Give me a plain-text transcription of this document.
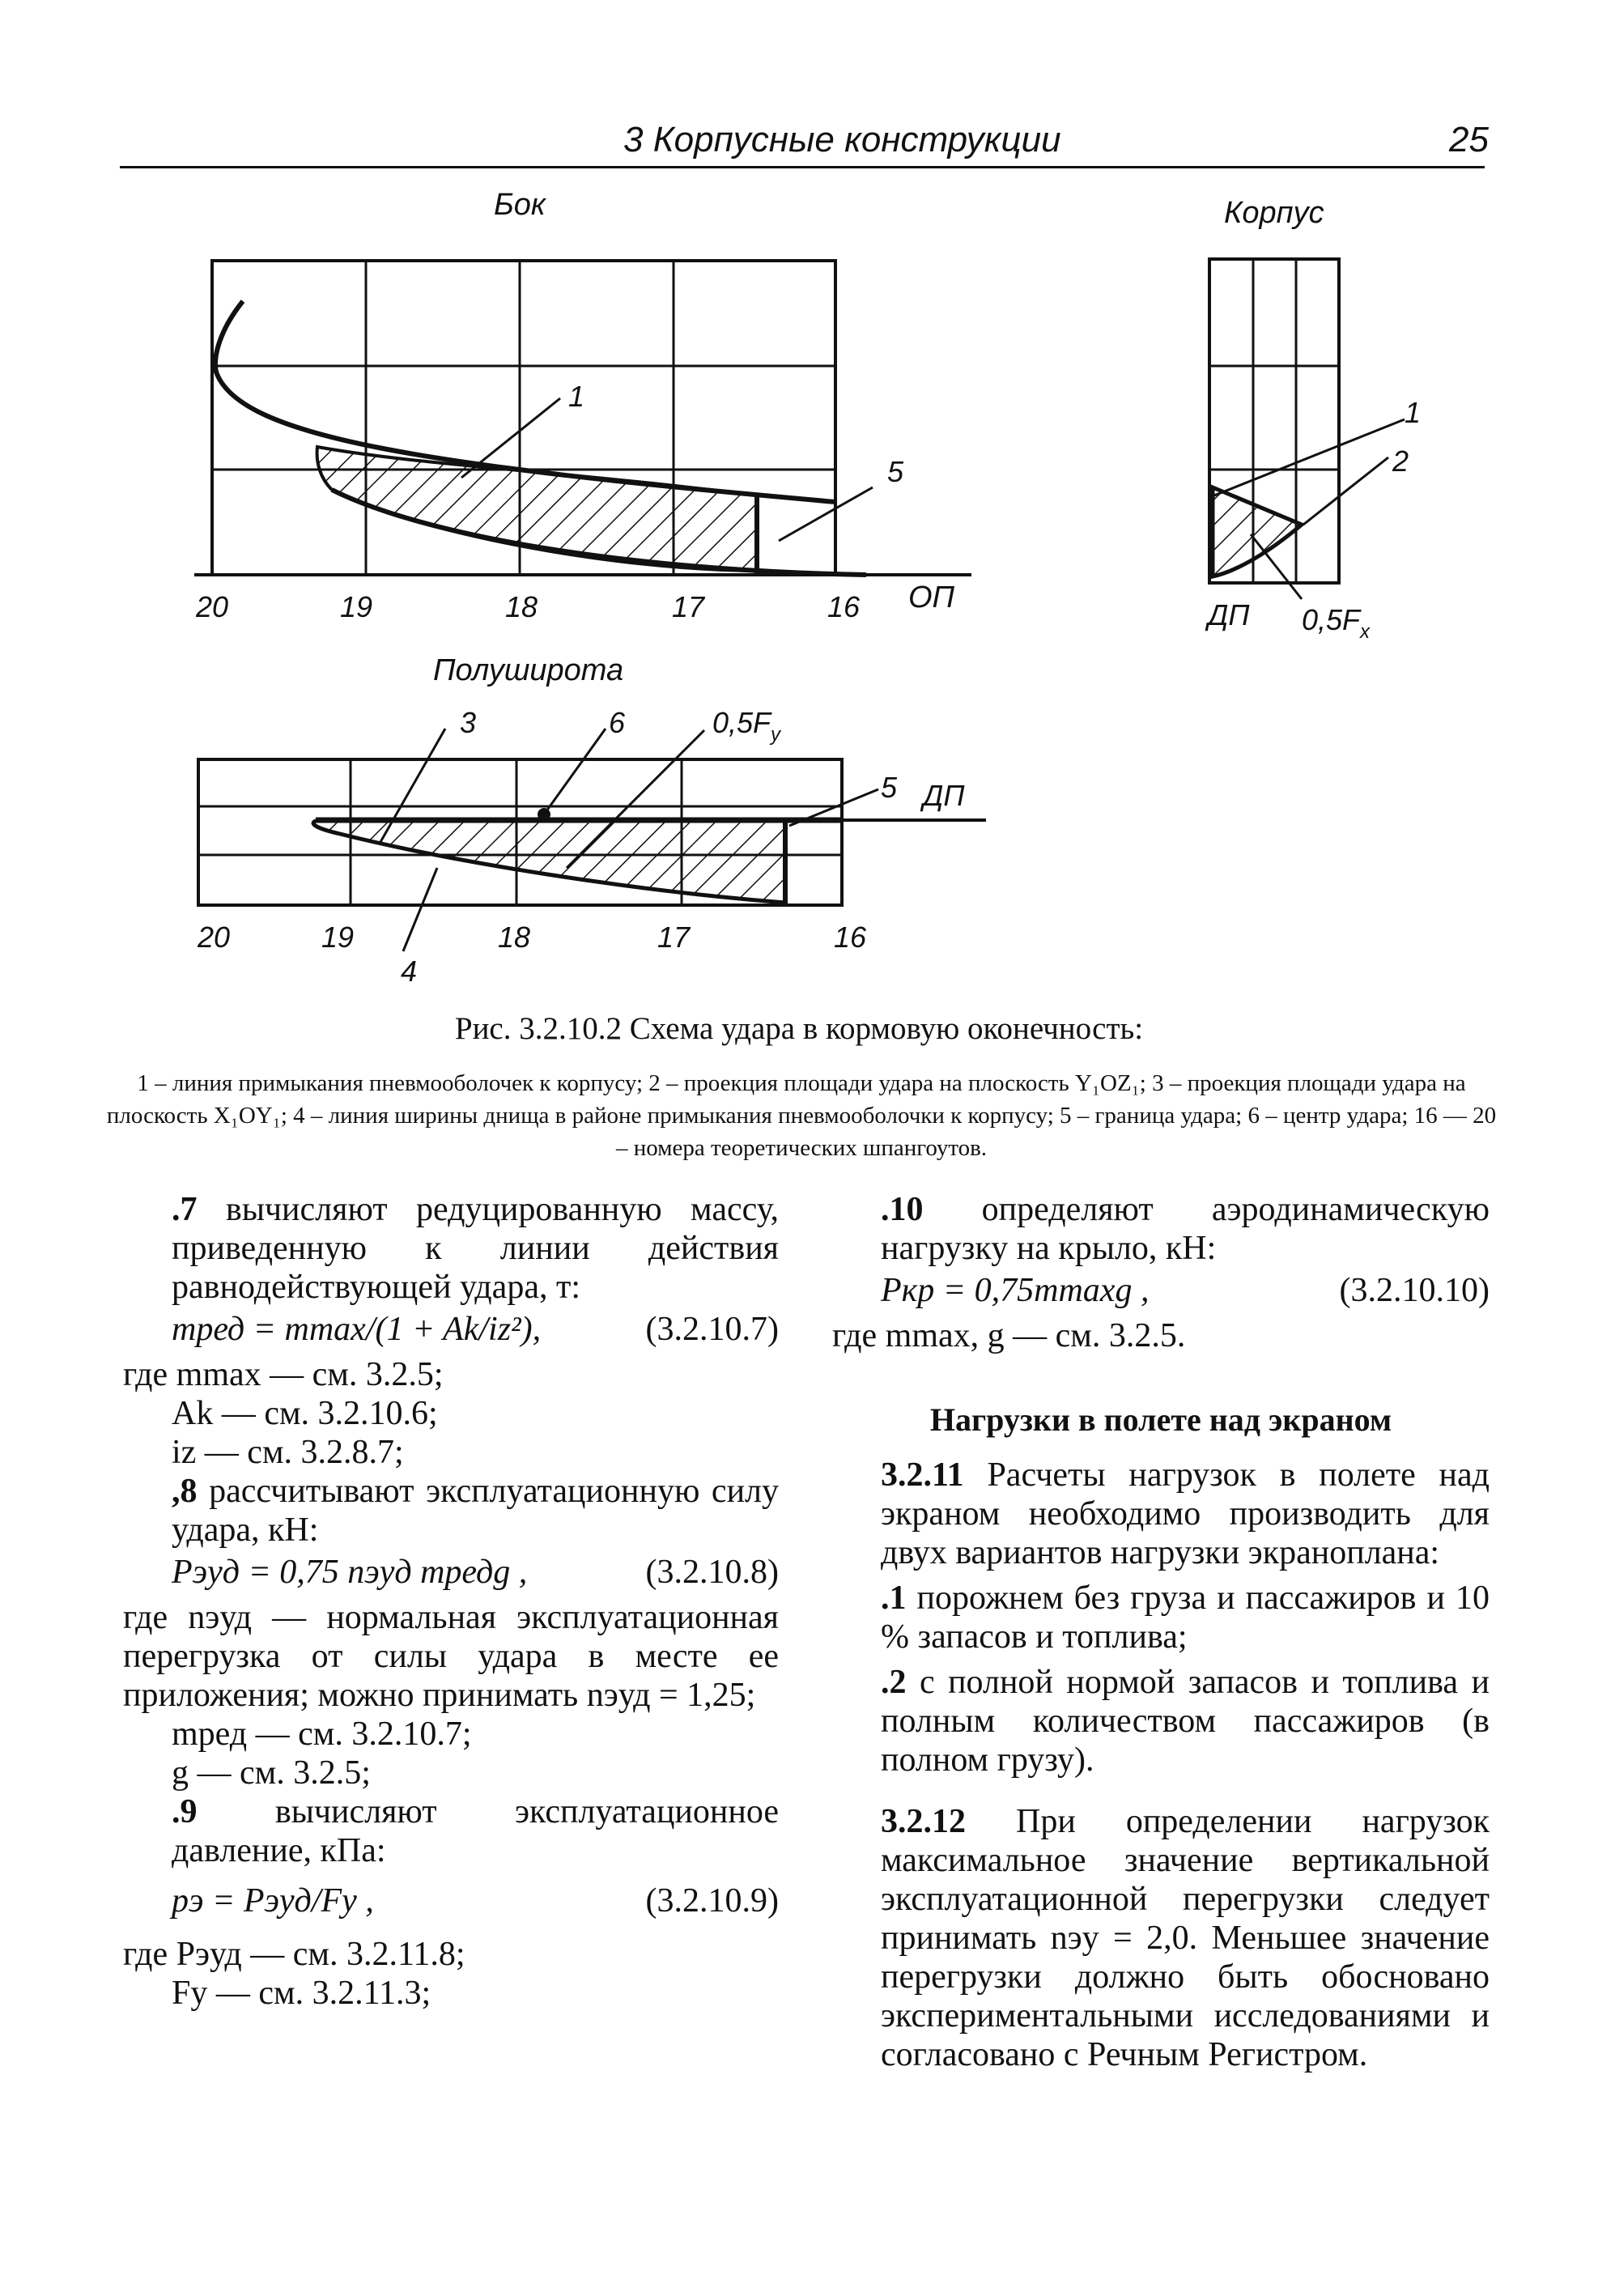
3 Корпусные конструкции	25
Бок
1
5
ОП
20	19	18	17	16
Корпус
1
2
ДП $0,5F_x$
Полуширота
3	6	$0,5F_y$
5 ДП
4
20	19	18	17	16
Рис. 3.2.10.2 Схема удара в кормовую оконечность:
1 – линия примыкания пневмооболочек к корпусу; 2 – проекция площади удара на плоскость Y₁OZ₁; 3 – проекция площади удара на плоскость X₁OY₁; 4 – линия ширины днища в районе примыкания пневмооболочки к корпусу; 5 – граница удара; 6 – центр удара; 16 — 20 – номера теоретических шпангоутов.

.7 вычисляют редуцированную массу, приведенную к линии действия равнодействующей удара, т:

mред = mmax/(1 + Ak/iz²),	(3.2.10.7)

где mmax — см. 3.2.5;

Ak — см. 3.2.10.6;

iz — см. 3.2.8.7;

,8 рассчитывают эксплуатационную силу удара, кН:

Pэуд = 0,75 nэуд mредg ,	(3.2.10.8)

где nэуд — нормальная эксплуатационная перегрузка от силы удара в месте ее приложения; можно принимать nэуд = 1,25;

mред — см. 3.2.10.7;

g — см. 3.2.5;

.9 вычисляют эксплуатационное давление, кПа:

pэ = Pэуд/Fy ,	(3.2.10.9)

где Pэуд — см. 3.2.11.8;

Fy — см. 3.2.11.3;

.10 определяют аэродинамическую нагрузку на крыло, кН:

Pкр = 0,75mmaxg ,	(3.2.10.10)

где mmax, g — см. 3.2.5.

Нагрузки в полете над экраном

3.2.11 Расчеты нагрузок в полете над экраном необходимо производить для двух вариантов нагрузки экраноплана:

.1 порожнем без груза и пассажиров и 10 % запасов и топлива;

.2 с полной нормой запасов и топлива и полным количеством пассажиров (в полном грузу).

3.2.12 При определении нагрузок максимальное значение вертикальной эксплуатационной перегрузки следует принимать nэy = 2,0. Меньшее значение перегрузки должно быть обосновано экспериментальными исследованиями и согласовано с Речным Регистром.
